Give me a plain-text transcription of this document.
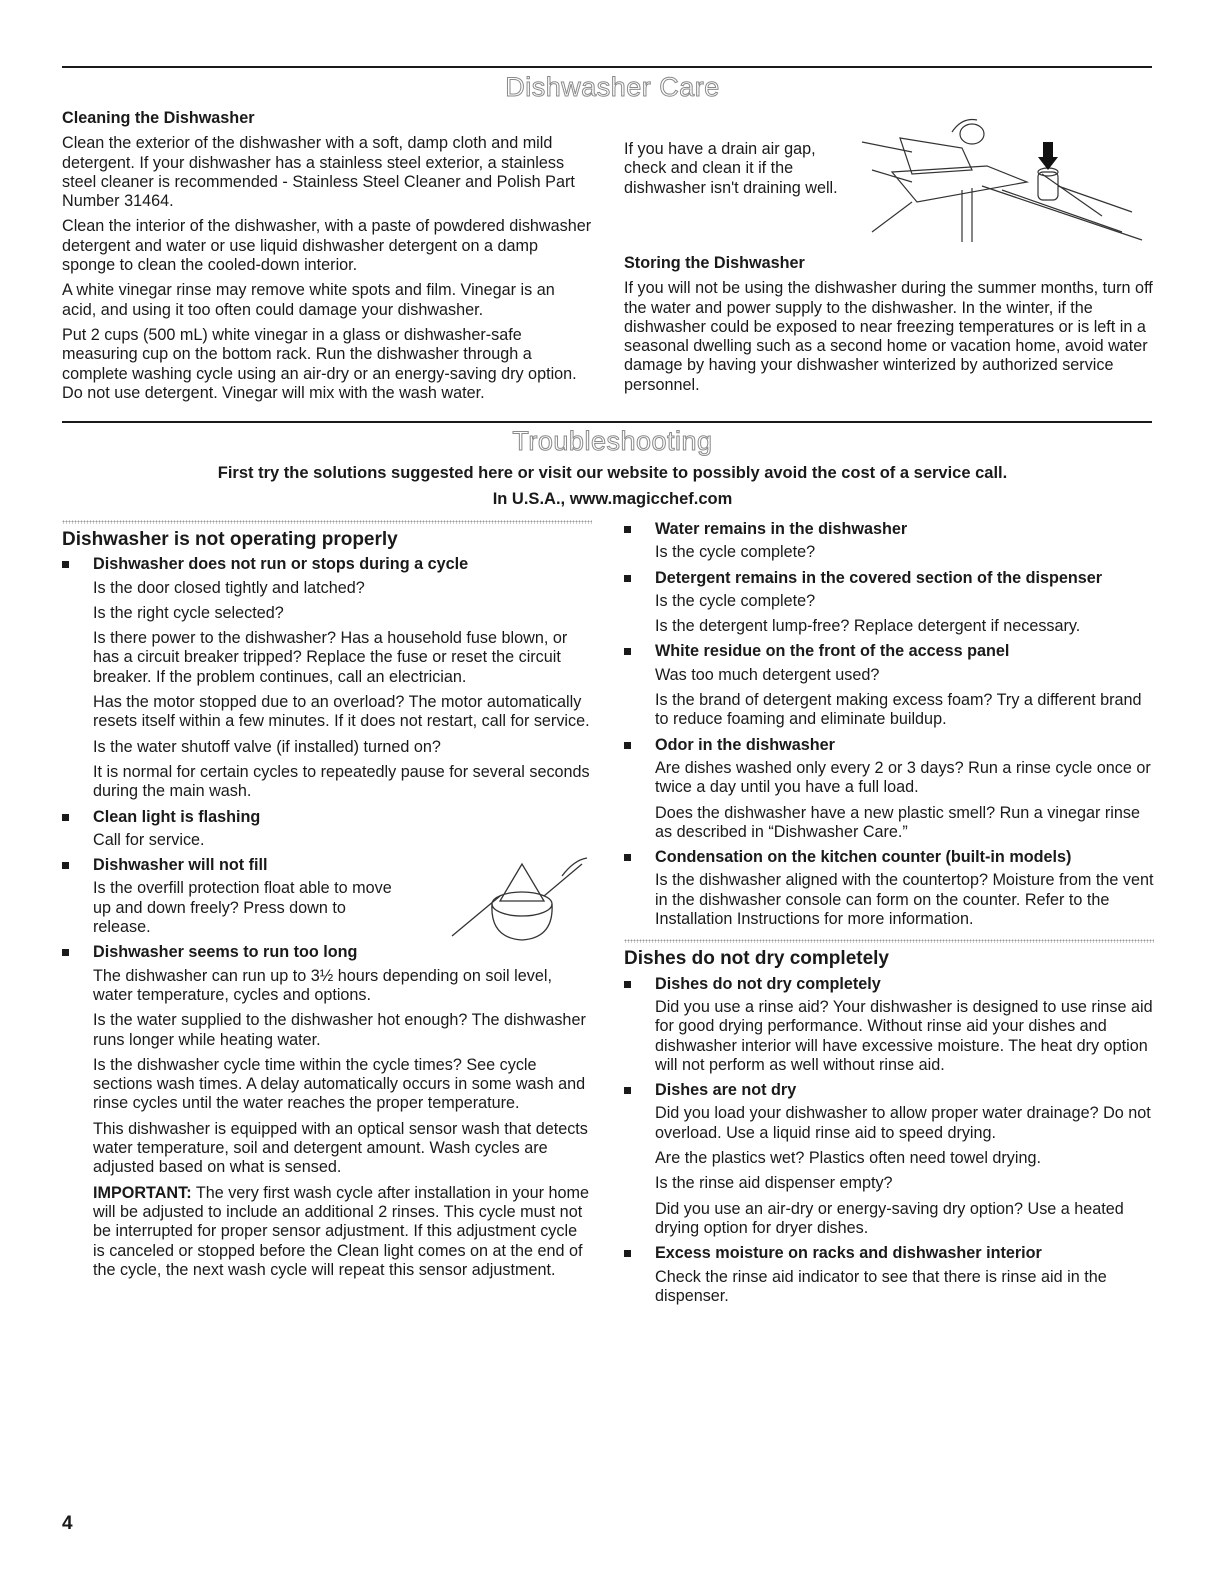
Dishwasher Care

Cleaning the Dishwasher

Clean the exterior of the dishwasher with a soft, damp cloth and mild detergent. If your dishwasher has a stainless steel exterior, a stainless steel cleaner is recommended - Stainless Steel Cleaner and Polish Part Number 31464.

Clean the interior of the dishwasher, with a paste of powdered dishwasher detergent and water or use liquid dishwasher detergent on a damp sponge to clean the cooled-down interior.

A white vinegar rinse may remove white spots and film. Vinegar is an acid, and using it too often could damage your dishwasher.

Put 2 cups (500 mL) white vinegar in a glass or dishwasher-safe measuring cup on the bottom rack. Run the dishwasher through a complete washing cycle using an air-dry or an energy-saving dry option. Do not use detergent. Vinegar will mix with the wash water.

If you have a drain air gap, check and clean it if the dishwasher isn't draining well.

Storing the Dishwasher

If you will not be using the dishwasher during the summer months, turn off the water and power supply to the dishwasher. In the winter, if the dishwasher could be exposed to near freezing temperatures or is left in a seasonal dwelling such as a second home or vacation home, avoid water damage by having your dishwasher winterized by authorized service personnel.

Troubleshooting
First try the solutions suggested here or visit our website to possibly avoid the cost of a service call.
In U.S.A., www.magicchef.com

Dishwasher is not operating properly

Dishwasher does not run or stops during a cycle

Is the door closed tightly and latched?

Is the right cycle selected?

Is there power to the dishwasher? Has a household fuse blown, or has a circuit breaker tripped? Replace the fuse or reset the circuit breaker. If the problem continues, call an electrician.

Has the motor stopped due to an overload? The motor automatically resets itself within a few minutes. If it does not restart, call for service.

Is the water shutoff valve (if installed) turned on?

It is normal for certain cycles to repeatedly pause for several seconds during the main wash.

Clean light is flashing

Call for service.

Dishwasher will not fill

Is the overfill protection float able to move up and down freely? Press down to release.

Dishwasher seems to run too long

The dishwasher can run up to 3½ hours depending on soil level, water temperature, cycles and options.

Is the water supplied to the dishwasher hot enough? The dishwasher runs longer while heating water.

Is the dishwasher cycle time within the cycle times? See cycle sections wash times. A delay automatically occurs in some wash and rinse cycles until the water reaches the proper temperature.

This dishwasher is equipped with an optical sensor wash that detects water temperature, soil and detergent amount. Wash cycles are adjusted based on what is sensed.

IMPORTANT: The very first wash cycle after installation in your home will be adjusted to include an additional 2 rinses. This cycle must not be interrupted for proper sensor adjustment. If this adjustment cycle is canceled or stopped before the Clean light comes on at the end of the cycle, the next wash cycle will repeat this sensor adjustment.

Water remains in the dishwasher

Is the cycle complete?

Detergent remains in the covered section of the dispenser

Is the cycle complete?

Is the detergent lump-free? Replace detergent if necessary.

White residue on the front of the access panel

Was too much detergent used?

Is the brand of detergent making excess foam? Try a different brand to reduce foaming and eliminate buildup.

Odor in the dishwasher

Are dishes washed only every 2 or 3 days? Run a rinse cycle once or twice a day until you have a full load.

Does the dishwasher have a new plastic smell? Run a vinegar rinse as described in “Dishwasher Care.”

Condensation on the kitchen counter (built-in models)

Is the dishwasher aligned with the countertop? Moisture from the vent in the dishwasher console can form on the counter. Refer to the Installation Instructions for more information.

Dishes do not dry completely

Dishes do not dry completely

Did you use a rinse aid? Your dishwasher is designed to use rinse aid for good drying performance. Without rinse aid your dishes and dishwasher interior will have excessive moisture. The heat dry option will not perform as well without rinse aid.

Dishes are not dry

Did you load your dishwasher to allow proper water drainage? Do not overload. Use a liquid rinse aid to speed drying.

Are the plastics wet? Plastics often need towel drying.

Is the rinse aid dispenser empty?

Did you use an air-dry or energy-saving dry option? Use a heated drying option for dryer dishes.

Excess moisture on racks and dishwasher interior

Check the rinse aid indicator to see that there is rinse aid in the dispenser.

4
